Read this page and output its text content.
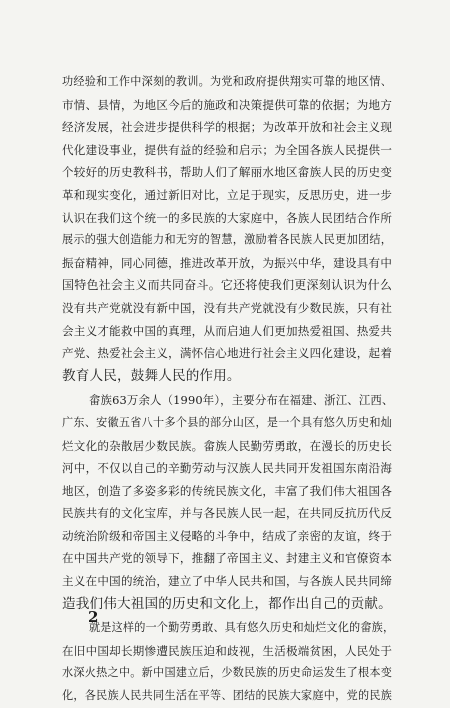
功经验和工作中深刻的教训。为党和政府提供翔实可靠的地区情、
市情、县情，为地区今后的施政和决策提供可靠的依据；为地方
经济发展，社会进步提供科学的根据；为改革开放和社会主义现
代化建设事业，提供有益的经验和启示；为全国各族人民提供一
个较好的历史教科书，帮助人们了解丽水地区畲族人民的历史变
革和现实变化，通过新旧对比，立足于现实，反思历史，进一步
认识在我们这个统一的多民族的大家庭中，各族人民团结合作所
展示的强大创造能力和无穷的智慧，激励着各民族人民更加团结，
振奋精神，同心同德，推进改革开放，为振兴中华，建设具有中
国特色社会主义而共同奋斗。它还将使我们更深刻认识为什么
没有共产党就没有新中国，没有共产党就没有少数民族，只有社
会主义才能救中国的真理，从而启迪人们更加热爱祖国、热爱共
产党、热爱社会主义，满怀信心地进行社会主义四化建设，起着
教育人民，鼓舞人民的作用。
畲族63万余人（1990年），主要分布在福建、浙江、江西、
广东、安徽五省八十多个县的部分山区，是一个具有悠久历史和灿
烂文化的杂散居少数民族。畲族人民勤劳勇敢，在漫长的历史长
河中，不仅以自己的辛勤劳动与汉族人民共同开发祖国东南沿海
地区，创造了多姿多彩的传统民族文化，丰富了我们伟大祖国各
民族共有的文化宝库，并与各民族人民一起，在共同反抗历代反
动统治阶级和帝国主义侵略的斗争中，结成了亲密的友谊，终于
在中国共产党的领导下，推翻了帝国主义、封建主义和官僚资本
主义在中国的统治，建立了中华人民共和国，与各族人民共同缔
造我们伟大祖国的历史和文化上，都作出自己的贡献。
就是这样的一个勤劳勇敢、具有悠久历史和灿烂文化的畲族，
在旧中国却长期惨遭民族压迫和歧视，生活极端贫困，人民处于
水深火热之中。新中国建立后，少数民族的历史命运发生了根本变
化，各民族人民共同生活在平等、团结的民族大家庭中，党的民族
2
